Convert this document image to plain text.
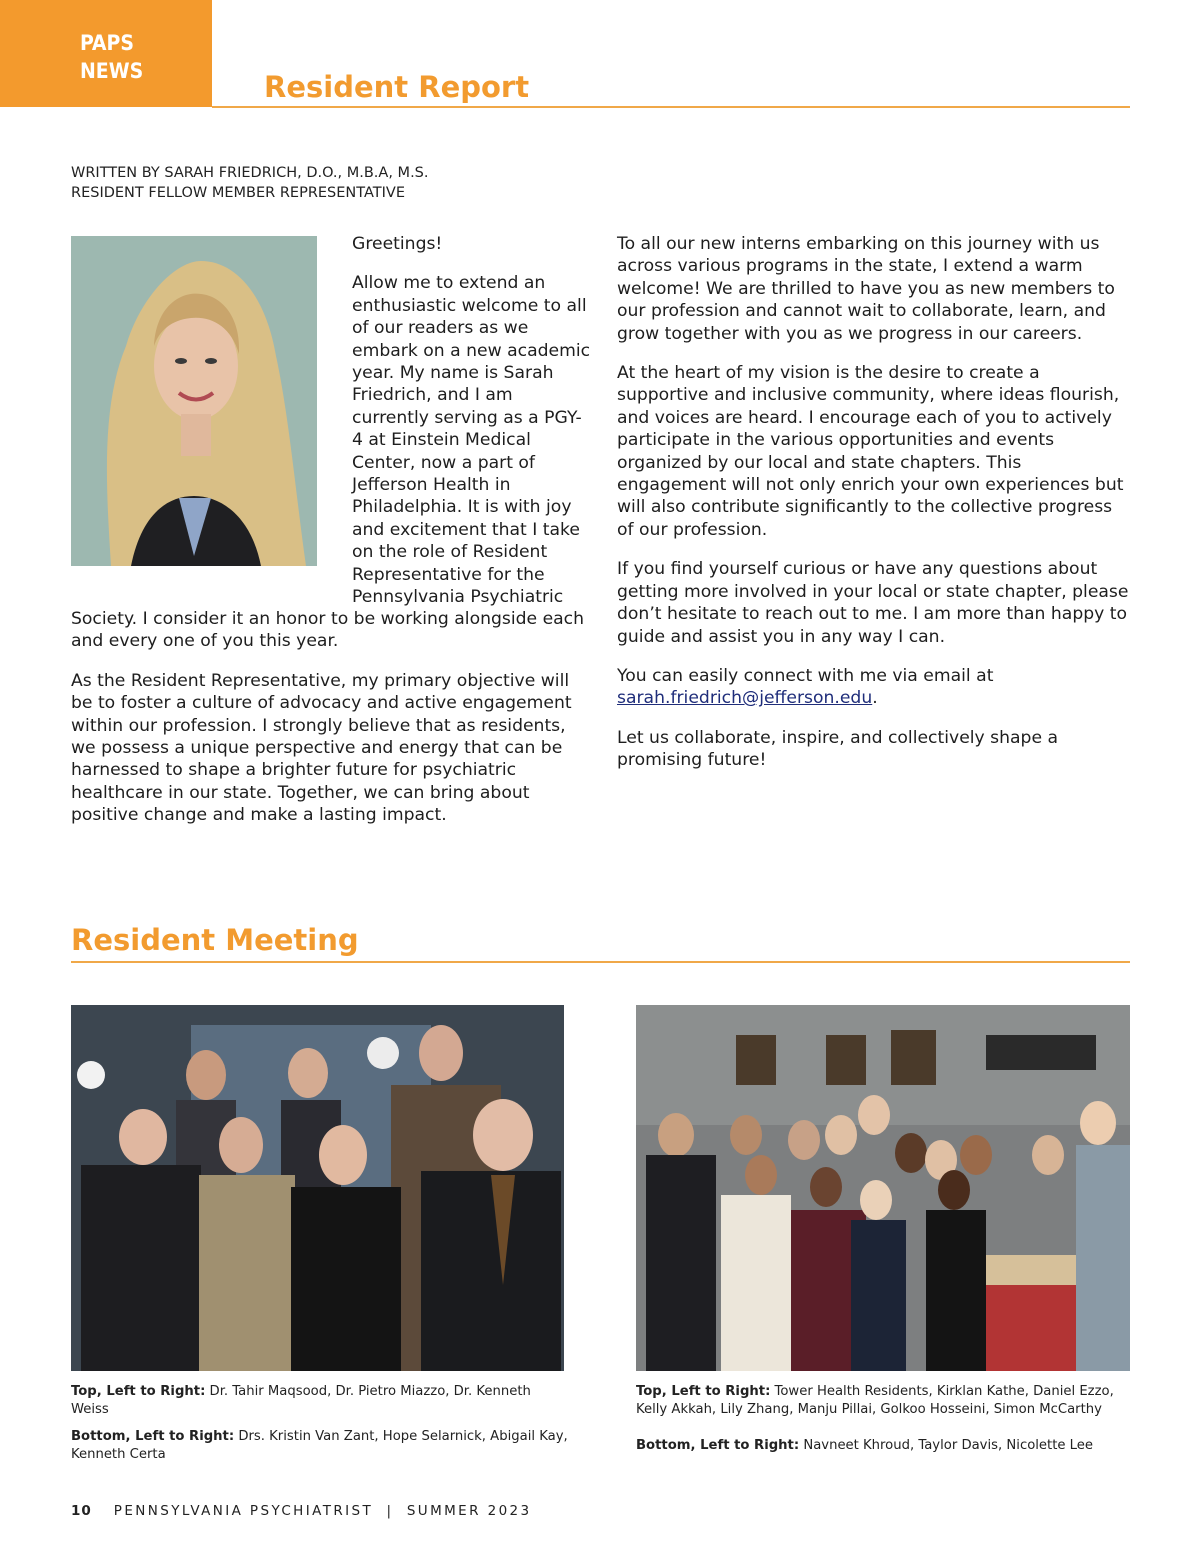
PAPS
NEWS	Resident Report
WRITTEN BY SARAH FRIEDRICH, D.O., M.B.A, M.S.
RESIDENT FELLOW MEMBER REPRESENTATIVE

Greetings!

Allow me to extend an enthusiastic welcome to all of our readers as we embark on a new academic year. My name is Sarah Friedrich, and I am currently serving as a PGY-4 at Einstein Medical Center, now a part of Jefferson Health in Philadelphia. It is with joy and excitement that I take on the role of Resident Representative for the Pennsylvania Psychiatric

Society. I consider it an honor to be working alongside each and every one of you this year.

As the Resident Representative, my primary objective will be to foster a culture of advocacy and active engagement within our profession. I strongly believe that as residents, we possess a unique perspective and energy that can be harnessed to shape a brighter future for psychiatric healthcare in our state. Together, we can bring about positive change and make a lasting impact.

To all our new interns embarking on this journey with us across various programs in the state, I extend a warm welcome! We are thrilled to have you as new members to our profession and cannot wait to collaborate, learn, and grow together with you as we progress in our careers.

At the heart of my vision is the desire to create a supportive and inclusive community, where ideas flourish, and voices are heard. I encourage each of you to actively participate in the various opportunities and events organized by our local and state chapters. This engagement will not only enrich your own experiences but will also contribute significantly to the collective progress of our profession.

If you find yourself curious or have any questions about getting more involved in your local or state chapter, please don’t hesitate to reach out to me. I am more than happy to guide and assist you in any way I can.

You can easily connect with me via email at sarah.friedrich@jefferson.edu.

Let us collaborate, inspire, and collectively shape a promising future!

Resident Meeting

Top, Left to Right: Dr. Tahir Maqsood, Dr. Pietro Miazzo, Dr. Kenneth Weiss

Bottom, Left to Right: Drs. Kristin Van Zant, Hope Selarnick, Abigail Kay, Kenneth Certa

Top, Left to Right: Tower Health Residents, Kirklan Kathe, Daniel Ezzo, Kelly Akkah, Lily Zhang, Manju Pillai, Golkoo Hosseini, Simon McCarthy

Bottom, Left to Right: Navneet Khroud, Taylor Davis, Nicolette Lee

10 PENNSYLVANIA PSYCHIATRIST  |  SUMMER 2023
